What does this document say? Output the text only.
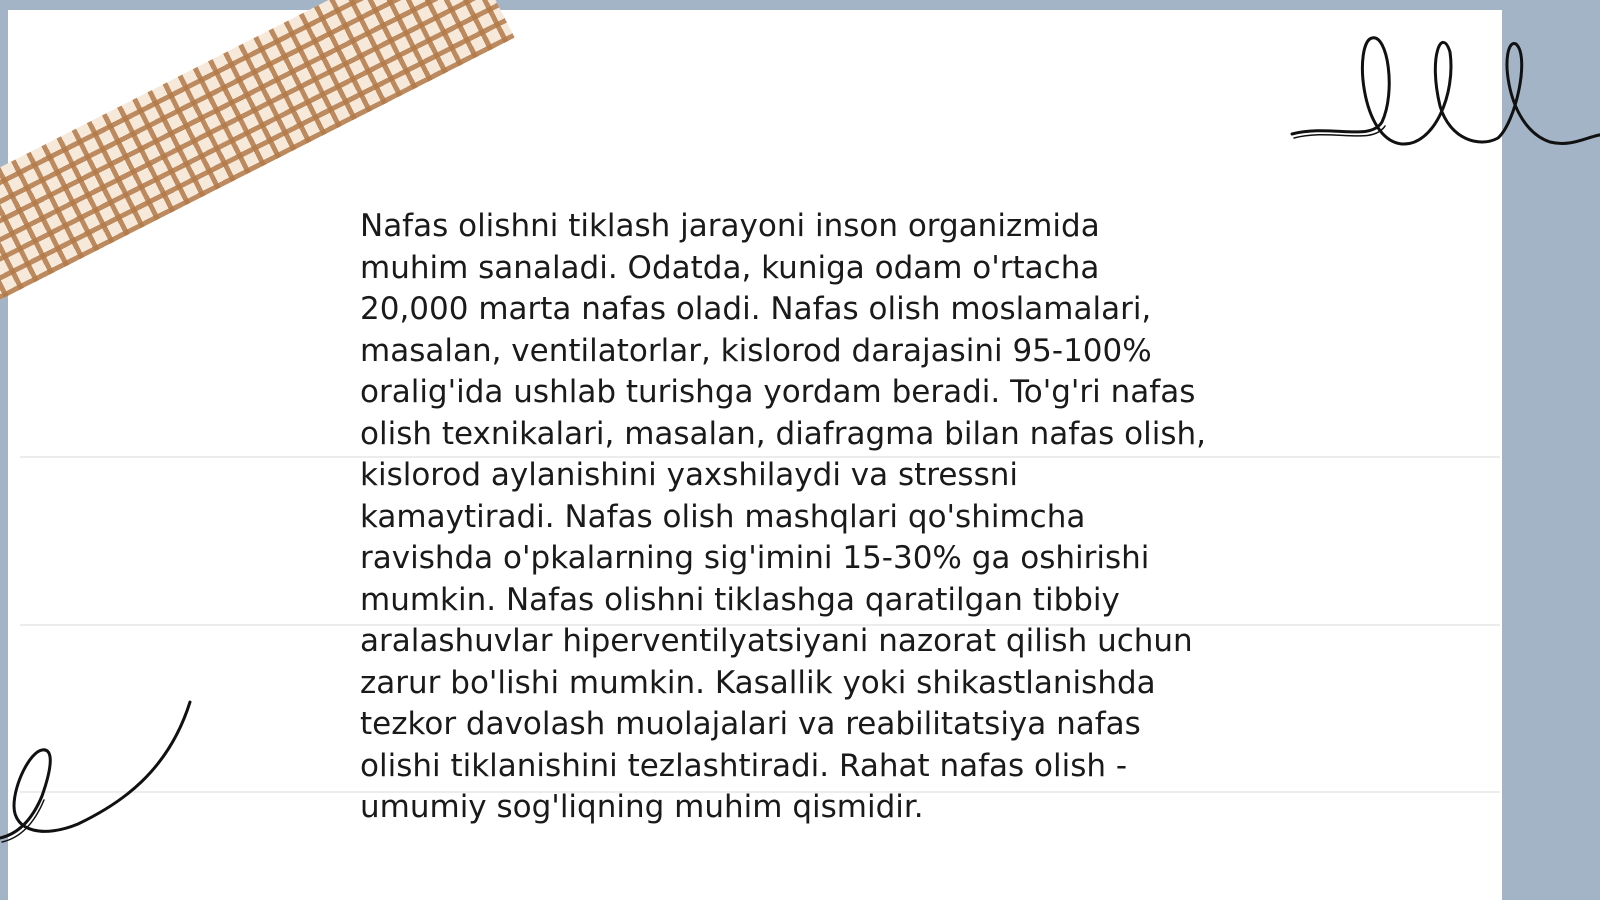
Nafas olishni tiklash jarayoni inson organizmida
muhim sanaladi. Odatda, kuniga odam o'rtacha
20,000 marta nafas oladi. Nafas olish moslamalari,
masalan, ventilatorlar, kislorod darajasini 95-100%
oralig'ida ushlab turishga yordam beradi. To'g'ri nafas
olish texnikalari, masalan, diafragma bilan nafas olish,
kislorod aylanishini yaxshilaydi va stressni
kamaytiradi. Nafas olish mashqlari qo'shimcha
ravishda o'pkalarning sig'imini 15-30% ga oshirishi
mumkin. Nafas olishni tiklashga qaratilgan tibbiy
aralashuvlar hiperventilyatsiyani nazorat qilish uchun
zarur bo'lishi mumkin. Kasallik yoki shikastlanishda
tezkor davolash muolajalari va reabilitatsiya nafas
olishi tiklanishini tezlashtiradi. Rahat nafas olish -
umumiy sog'liqning muhim qismidir.
